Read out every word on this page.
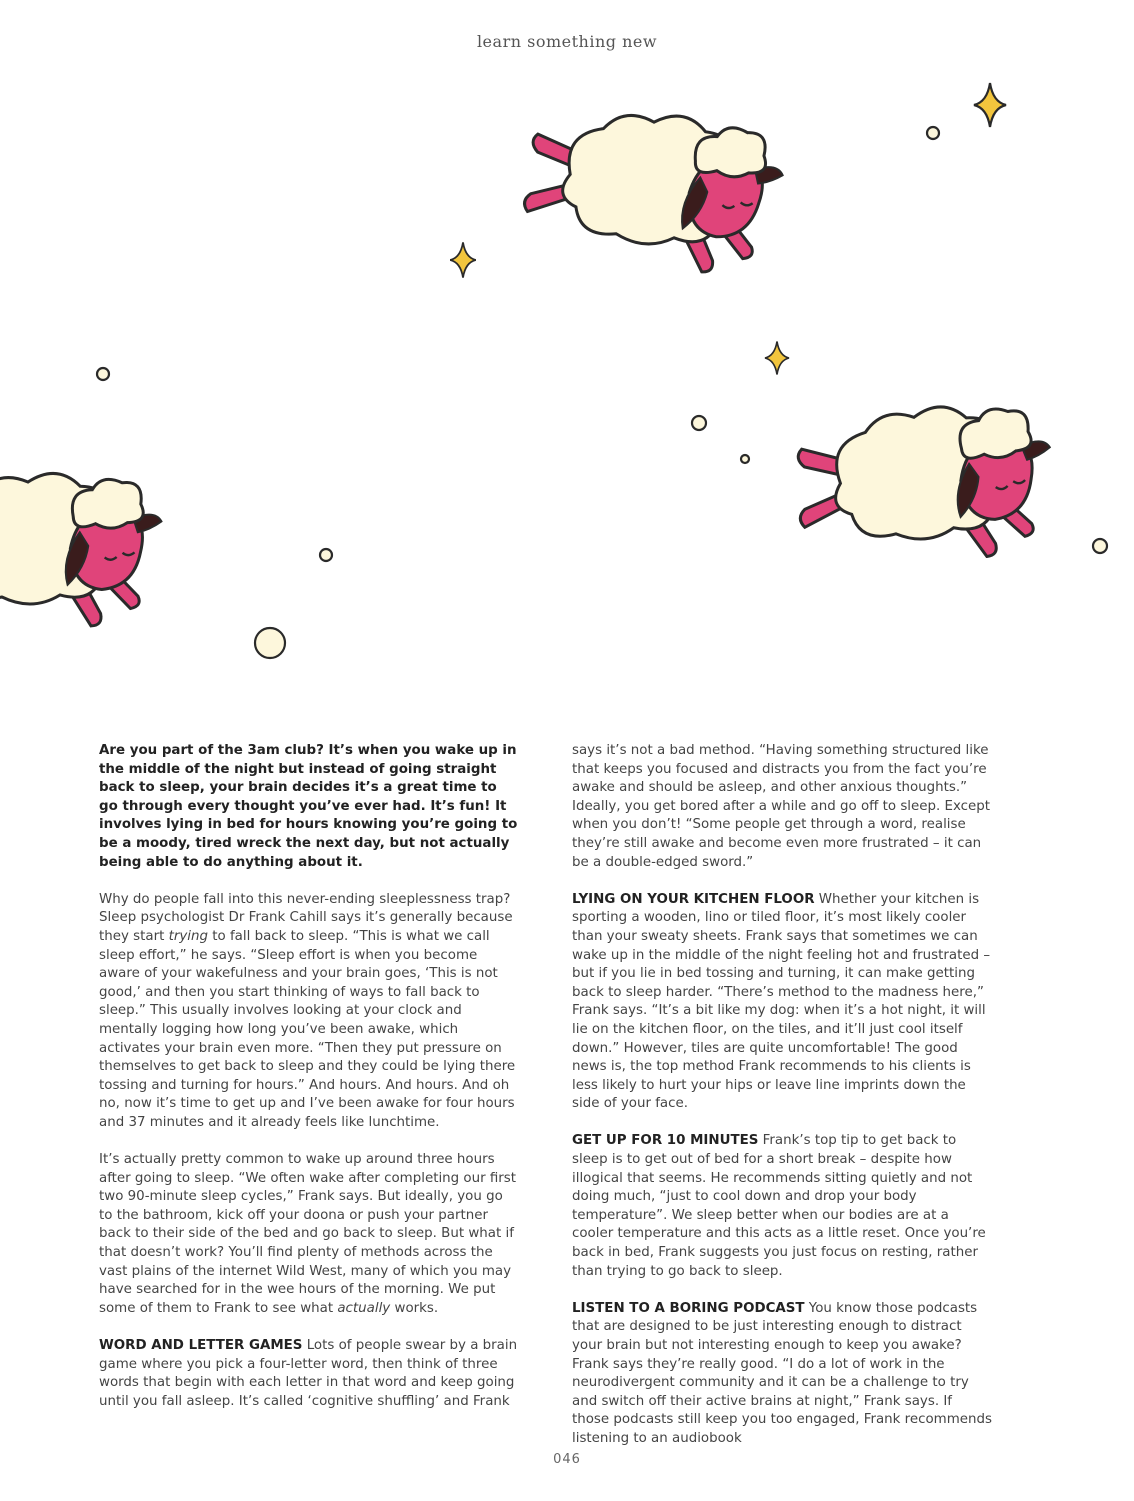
learn something new

Are you part of the 3am club? It’s when you wake up in the middle of the night but instead of going straight back to sleep, your brain decides it’s a great time to go through every thought you’ve ever had. It’s fun! It involves lying in bed for hours knowing you’re going to be a moody, tired wreck the next day, but not actually being able to do anything about it.

Why do people fall into this never-ending sleeplessness trap? Sleep psychologist Dr Frank Cahill says it’s generally because they start trying to fall back to sleep. “This is what we call sleep effort,” he says. “Sleep effort is when you become aware of your wakefulness and your brain goes, ‘This is not good,’ and then you start thinking of ways to fall back to sleep.” This usually involves looking at your clock and mentally logging how long you’ve been awake, which activates your brain even more. “Then they put pressure on themselves to get back to sleep and they could be lying there tossing and turning for hours.” And hours. And hours. And oh no, now it’s time to get up and I’ve been awake for four hours and 37 minutes and it already feels like lunchtime.

It’s actually pretty common to wake up around three hours after going to sleep. “We often wake after completing our first two 90-minute sleep cycles,” Frank says. But ideally, you go to the bathroom, kick off your doona or push your partner back to their side of the bed and go back to sleep. But what if that doesn’t work? You’ll find plenty of methods across the vast plains of the internet Wild West, many of which you may have searched for in the wee hours of the morning. We put some of them to Frank to see what actually works.

WORD AND LETTER GAMES Lots of people swear by a brain game where you pick a four-letter word, then think of three words that begin with each letter in that word and keep going until you fall asleep. It’s called ‘cognitive shuffling’ and Frank

says it’s not a bad method. “Having something structured like that keeps you focused and distracts you from the fact you’re awake and should be asleep, and other anxious thoughts.” Ideally, you get bored after a while and go off to sleep. Except when you don’t! “Some people get through a word, realise they’re still awake and become even more frustrated – it can be a double-edged sword.”

LYING ON YOUR KITCHEN FLOOR Whether your kitchen is sporting a wooden, lino or tiled floor, it’s most likely cooler than your sweaty sheets. Frank says that sometimes we can wake up in the middle of the night feeling hot and frustrated – but if you lie in bed tossing and turning, it can make getting back to sleep harder. “There’s method to the madness here,” Frank says. “It’s a bit like my dog: when it’s a hot night, it will lie on the kitchen floor, on the tiles, and it’ll just cool itself down.” However, tiles are quite uncomfortable! The good news is, the top method Frank recommends to his clients is less likely to hurt your hips or leave line imprints down the side of your face.

GET UP FOR 10 MINUTES Frank’s top tip to get back to sleep is to get out of bed for a short break – despite how illogical that seems. He recommends sitting quietly and not doing much, “just to cool down and drop your body temperature”. We sleep better when our bodies are at a cooler temperature and this acts as a little reset. Once you’re back in bed, Frank suggests you just focus on resting, rather than trying to go back to sleep.

LISTEN TO A BORING PODCAST You know those podcasts that are designed to be just interesting enough to distract your brain but not interesting enough to keep you awake? Frank says they’re really good. “I do a lot of work in the neurodivergent community and it can be a challenge to try and switch off their active brains at night,” Frank says. If those podcasts still keep you too engaged, Frank recommends listening to an audiobook

046
